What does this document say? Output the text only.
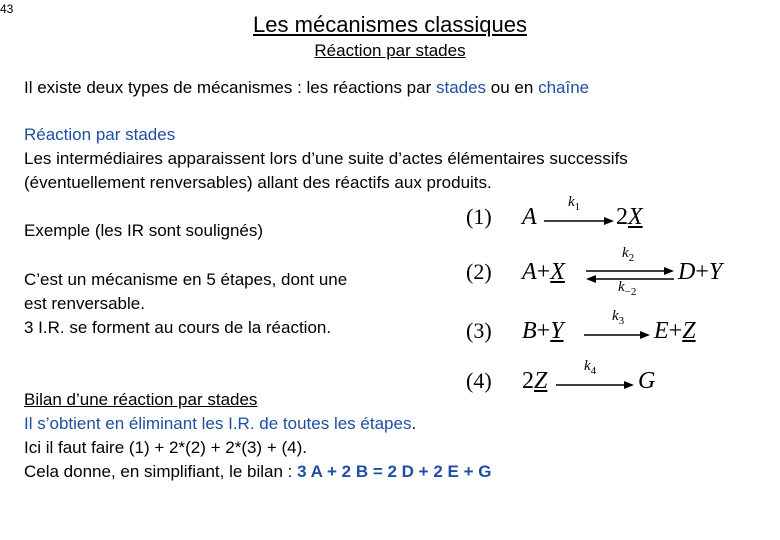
43
Les mécanismes classiques
Réaction par stades
Il existe deux types de mécanismes : les réactions par stades ou en chaîne
Réaction par stades
Les intermédiaires apparaissent lors d’une suite d’actes élémentaires successifs
(éventuellement renversables) allant des réactifs aux produits.
Exemple (les IR sont soulignés)
C’est un mécanisme en 5 étapes, dont une
est renversable.
3 I.R. se forment au cours de la réaction.
(1) A
$k_1$ 2X
(2) A+X
$k_2$
$k_{-2}$
D+Y
(3) B+Y
$k_3$ E+Z
(4) 2Z
$k_4$ G
Bilan d’une réaction par stades
Il s’obtient en éliminant les I.R. de toutes les étapes.
Ici il faut faire (1) + 2*(2) + 2*(3) + (4).
Cela donne, en simplifiant, le bilan : 3 A + 2 B = 2 D + 2 E + G
